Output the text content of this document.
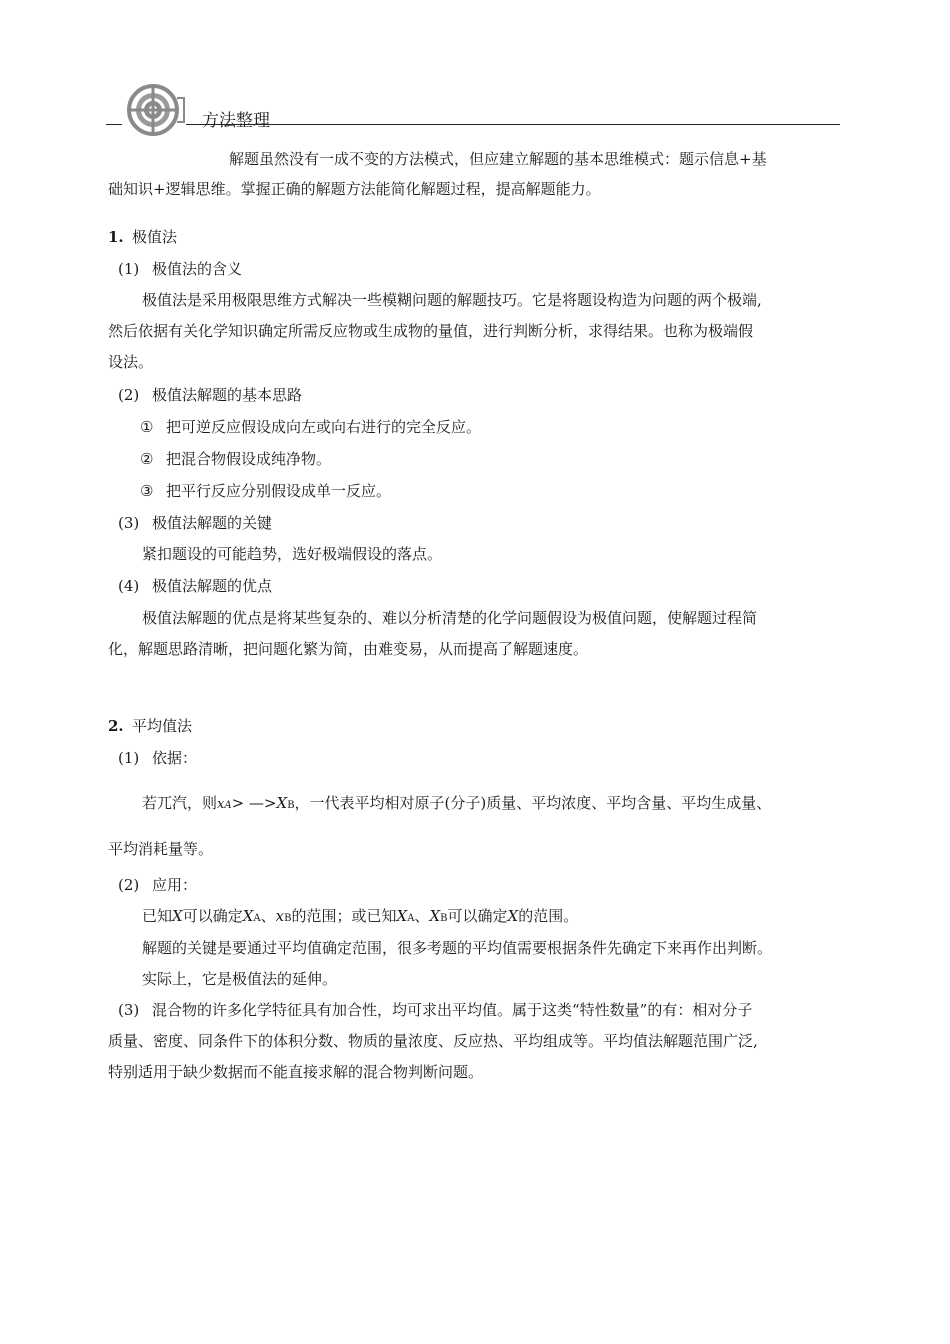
方法整理
解题虽然没有一成不变的方法模式，但应建立解题的基本思维模式：题示信息+基
础知识+逻辑思维。掌握正确的解题方法能简化解题过程，提高解题能力。
1. 极值法
(1) 极值法的含义
极值法是采用极限思维方式解决一些模糊问题的解题技巧。它是将题设构造为问题的两个极端,
然后依据有关化学知识确定所需反应物或生成物的量值，进行判断分析，求得结果。也称为极端假
设法。
(2) 极值法解题的基本思路
① 把可逆反应假设成向左或向右进行的完全反应。
② 把混合物假设成纯净物。
③ 把平行反应分别假设成单一反应。
(3) 极值法解题的关键
紧扣题设的可能趋势，选好极端假设的落点。
(4) 极值法解题的优点
极值法解题的优点是将某些复杂的、难以分析清楚的化学问题假设为极值问题，使解题过程简
化，解题思路清晰，把问题化繁为简，由难变易，从而提高了解题速度。
2. 平均值法
(1) 依据：
若兀汽，则xA> —>XB，一代表平均相对原子(分子)质量、平均浓度、平均含量、平均生成量、
平均消耗量等。
(2) 应用：
已知X可以确定XA、xB的范围；或已知XA、XB可以确定X的范围。
解题的关键是要通过平均值确定范围，很多考题的平均值需要根据条件先确定下来再作出判断。
实际上，它是极值法的延伸。
(3) 混合物的许多化学特征具有加合性，均可求出平均值。属于这类“特性数量”的有：相对分子
质量、密度、同条件下的体积分数、物质的量浓度、反应热、平均组成等。平均值法解题范围广泛,
特别适用于缺少数据而不能直接求解的混合物判断问题。
